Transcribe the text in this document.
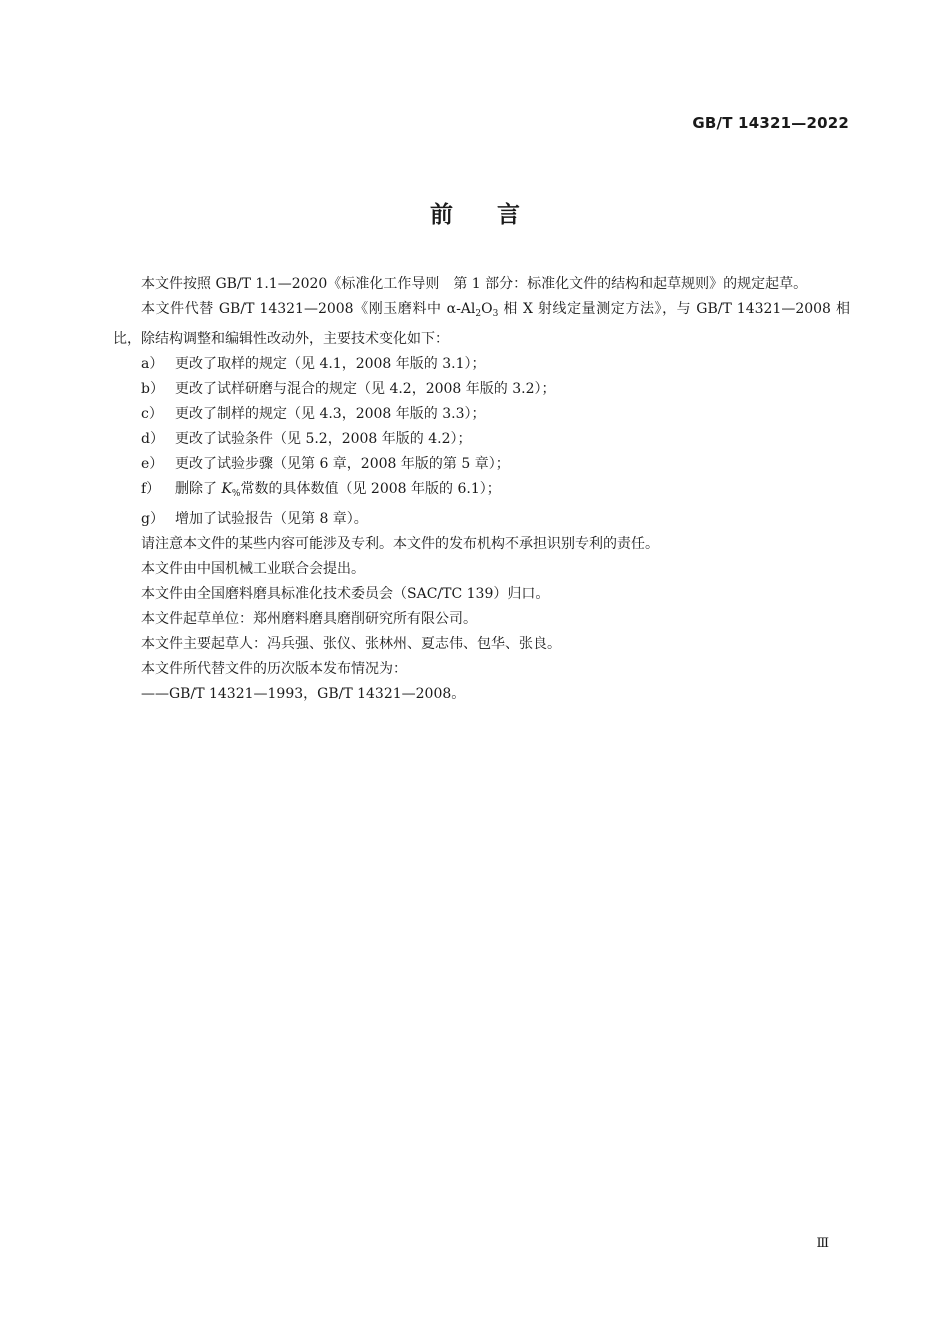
GB/T 14321—2022
前言

本文件按照 GB/T 1.1—2020《标准化工作导则　第 1 部分：标准化文件的结构和起草规则》的规定起草。

本文件代替 GB/T 14321—2008《刚玉磨料中 $\alpha-Al_2O_3$ 相 X 射线定量测定方法》，与 GB/T 14321—2008 相比，除结构调整和编辑性改动外，主要技术变化如下：

a） 更改了取样的规定（见 4.1，2008 年版的 3.1）；
b） 更改了试样研磨与混合的规定（见 4.2，2008 年版的 3.2）；
c） 更改了制样的规定（见 4.3，2008 年版的 3.3）；
d） 更改了试验条件（见 5.2，2008 年版的 4.2）；
e） 更改了试验步骤（见第 6 章，2008 年版的第 5 章）；
f）	删除了 $K_{\%}$常数的具体数值（见 2008 年版的 6.1）；
g） 增加了试验报告（见第 8 章）。

请注意本文件的某些内容可能涉及专利。本文件的发布机构不承担识别专利的责任。

本文件由中国机械工业联合会提出。

本文件由全国磨料磨具标准化技术委员会（SAC/TC 139）归口。

本文件起草单位：郑州磨料磨具磨削研究所有限公司。

本文件主要起草人：冯兵强、张仪、张林州、夏志伟、包华、张良。

本文件所代替文件的历次版本发布情况为：

——GB/T 14321—1993，GB/T 14321—2008。

Ⅲ
